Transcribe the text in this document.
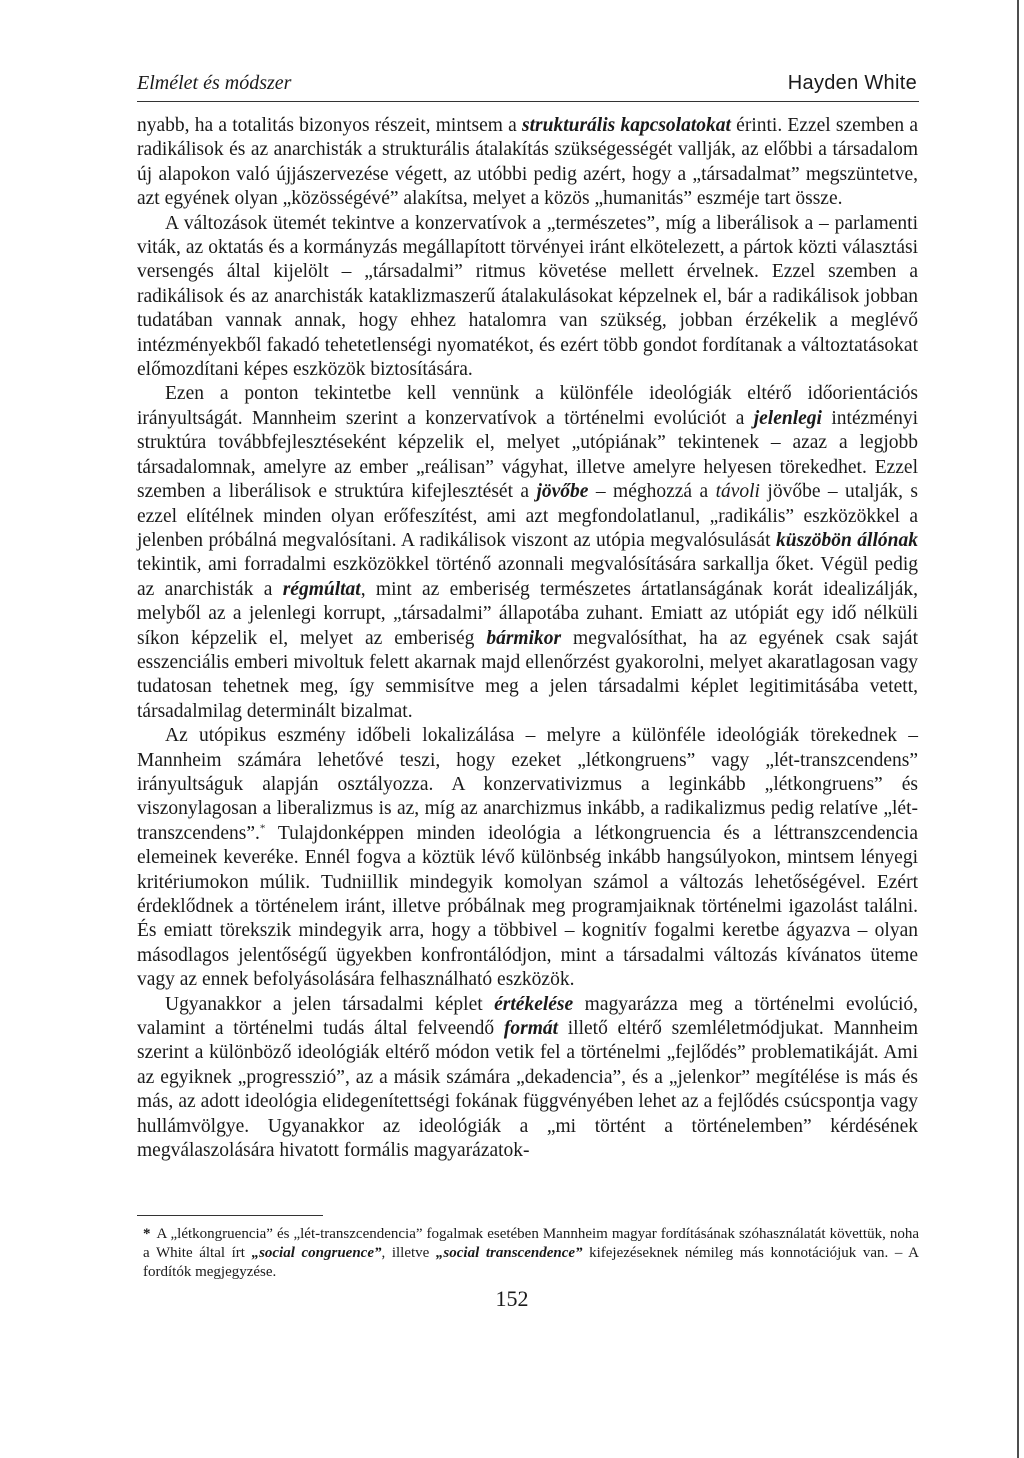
Elmélet és módszer	Hayden White

nyabb, ha a totalitás bizonyos részeit, mintsem a strukturális kapcsolatokat érinti. Ezzel szemben a radikálisok és az anarchisták a strukturális átalakítás szükségességét vallják, az előbbi a társadalom új alapokon való újjászervezése végett, az utóbbi pedig azért, hogy a „társadalmat” megszüntetve, azt egyének olyan „közösségévé” alakítsa, melyet a közös „humanitás” eszméje tart össze.

A változások ütemét tekintve a konzervatívok a „természetes”, míg a liberálisok a – parlamenti viták, az oktatás és a kormányzás megállapított törvényei iránt elkötelezett, a pártok közti választási versengés által kijelölt – „társadalmi” ritmus követése mellett érvelnek. Ezzel szemben a radikálisok és az anarchisták kataklizmaszerű átalakulásokat képzelnek el, bár a radikálisok jobban tudatában vannak annak, hogy ehhez hatalomra van szükség, jobban érzékelik a meglévő intézményekből fakadó tehetetlenségi nyomatékot, és ezért több gondot fordítanak a változtatásokat előmozdítani képes eszközök biztosítására.

Ezen a ponton tekintetbe kell vennünk a különféle ideológiák eltérő időorientációs irányultságát. Mannheim szerint a konzervatívok a történelmi evolúciót a jelenlegi intézményi struktúra továbbfejlesztéseként képzelik el, melyet „utópiának” tekintenek – azaz a legjobb társadalomnak, amelyre az ember „reálisan” vágyhat, illetve amelyre helyesen törekedhet. Ezzel szemben a liberálisok e struktúra kifejlesztését a jövőbe – méghozzá a távoli jövőbe – utalják, s ezzel elítélnek minden olyan erőfeszítést, ami azt megfondolatlanul, „radikális” eszközökkel a jelenben próbálná megvalósítani. A radikálisok viszont az utópia megvalósulását küszöbön állónak tekintik, ami forradalmi eszközökkel történő azonnali megvalósítására sarkallja őket. Végül pedig az anarchisták a régmúltat, mint az emberiség természetes ártatlanságának korát idealizálják, melyből az a jelenlegi korrupt, „társadalmi” állapotába zuhant. Emiatt az utópiát egy idő nélküli síkon képzelik el, melyet az emberiség bármikor megvalósíthat, ha az egyének csak saját esszenciális emberi mivoltuk felett akarnak majd ellenőrzést gyakorolni, melyet akaratlagosan vagy tudatosan tehetnek meg, így semmisítve meg a jelen társadalmi képlet legitimitásába vetett, társadalmilag determinált bizalmat.

Az utópikus eszmény időbeli lokalizálása – melyre a különféle ideológiák törekednek – Mannheim számára lehetővé teszi, hogy ezeket „létkongruens” vagy „lét-transzcendens” irányultságuk alapján osztályozza. A konzervativizmus a leginkább „létkongruens” és viszonylagosan a liberalizmus is az, míg az anarchizmus inkább, a radikalizmus pedig relatíve „lét-transzcendens”.* Tulajdonképpen minden ideológia a létkongruencia és a léttranszcendencia elemeinek keveréke. Ennél fogva a köztük lévő különbség inkább hangsúlyokon, mintsem lényegi kritériumokon múlik. Tudniillik mindegyik komolyan számol a változás lehetőségével. Ezért érdeklődnek a történelem iránt, illetve próbálnak meg programjaiknak történelmi igazolást találni. És emiatt törekszik mindegyik arra, hogy a többivel – kognitív fogalmi keretbe ágyazva – olyan másodlagos jelentőségű ügyekben konfrontálódjon, mint a társadalmi változás kívánatos üteme vagy az ennek befolyásolására felhasználható eszközök.

Ugyanakkor a jelen társadalmi képlet értékelése magyarázza meg a történelmi evolúció, valamint a történelmi tudás által felveendő formát illető eltérő szemléletmódjukat. Mannheim szerint a különböző ideológiák eltérő módon vetik fel a történelmi „fejlődés” problematikáját. Ami az egyiknek „progresszió”, az a másik számára „dekadencia”, és a „jelenkor” megítélése is más és más, az adott ideológia elidegenítettségi fokának függvényében lehet az a fejlődés csúcspontja vagy hullámvölgye. Ugyanakkor az ideológiák a „mi történt a történelemben” kérdésének megválaszolására hivatott formális magyarázatok-

* A „létkongruencia” és „lét-transzcendencia” fogalmak esetében Mannheim magyar fordításának szóhasználatát követtük, noha a White által írt „social congruence”, illetve „social transcendence” kifejezéseknek némileg más konnotációjuk van. – A fordítók megjegyzése.
152
